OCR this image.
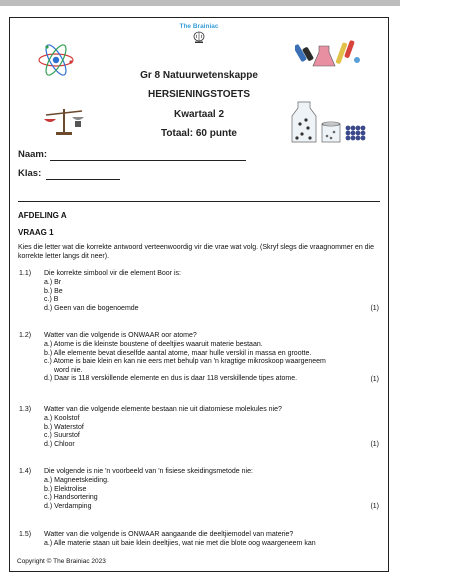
The Brainiac
Gr 8 Natuurwetenskappe
HERSIENINGSTOETS
Kwartaal 2
Totaal: 60 punte
Naam:
Klas:
AFDELING A
VRAAG 1
Kies die letter wat die korrekte antwoord verteenwoordig vir die vrae wat volg. (Skryf slegs die vraagnommer en die korrekte letter langs dit neer).
1.1) Die korrekte simbool vir die element Boor is:
a.) Br
b.) Be
c.) B
d.) Geen van die bogenoemde	(1)
1.2) Watter van die volgende is ONWAAR oor atome?
a.) Atome is die kleinste boustene of deeltjies waaruit materie bestaan.
b.) Alle elemente bevat dieselfde aantal atome, maar hulle verskil in massa en grootte.
c.) Atome is baie klein en kan nie eers met behulp van 'n kragtige mikroskoop waargeneem
word nie.
d.) Daar is 118 verskillende elemente en dus is daar 118 verskillende tipes atome.	(1)
1.3) Watter van die volgende elemente bestaan nie uit diatomiese molekules nie?
a.) Koolstof
b.) Waterstof
c.) Suurstof
d.) Chloor	(1)
1.4) Die volgende is nie 'n voorbeeld van 'n fisiese skeidingsmetode nie:
a.) Magneetskeiding.
b.) Elektrolise
c.) Handsortering
d.) Verdamping	(1)
1.5) Watter van die volgende is ONWAAR aangaande die deeltjiemodel van materie?
a.) Alle materie staan uit baie klein deeltjies, wat nie met die blote oog waargeneem kan
Copyright © The Brainiac 2023
